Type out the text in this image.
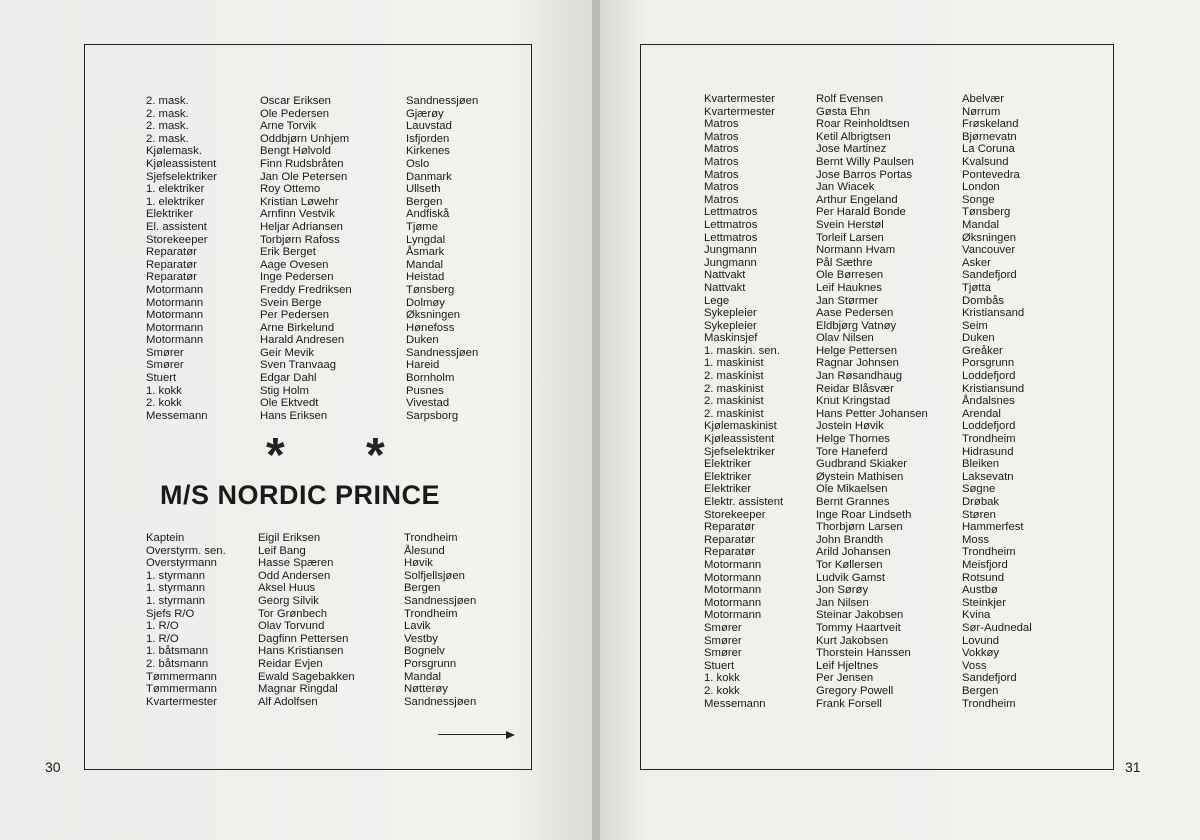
2. mask.
2. mask.
2. mask.
2. mask.
Kjølemask.
Kjøleassistent
Sjefselektriker
1. elektriker
1. elektriker
Elektriker
El. assistent
Storekeeper
Reparatør
Reparatør
Reparatør
Motormann
Motormann
Motormann
Motormann
Motormann
Smører
Smører
Stuert
1. kokk
2. kokk
Messemann
Oscar Eriksen
Ole Pedersen
Arne Torvik
Oddbjørn Unhjem
Bengt Hølvold
Finn Rudsbråten
Jan Ole Petersen
Roy Ottemo
Kristian Løwehr
Arnfinn Vestvik
Heljar Adriansen
Torbjørn Rafoss
Erik Berget
Aage Ovesen
Inge Pedersen
Freddy Fredriksen
Svein Berge
Per Pedersen
Arne Birkelund
Harald Andresen
Geir Mevik
Sven Tranvaag
Edgar Dahl
Stig Holm
Ole Ektvedt
Hans Eriksen
Sandnessjøen
Gjærøy
Lauvstad
Isfjorden
Kirkenes
Oslo
Danmark
Ullseth
Bergen
Andfiskå
Tjøme
Lyngdal
Åsmark
Mandal
Heistad
Tønsberg
Dolmøy
Øksningen
Hønefoss
Duken
Sandnessjøen
Hareid
Bornholm
Pusnes
Vivestad
Sarpsborg
* *
M/S NORDIC PRINCE
Kaptein
Overstyrm. sen.
Overstyrmann
1. styrmann
1. styrmann
1. styrmann
Sjefs R/O
1. R/O
1. R/O
1. båtsmann
2. båtsmann
Tømmermann
Tømmermann
Kvartermester
Eigil Eriksen
Leif Bang
Hasse Spæren
Odd Andersen
Aksel Huus
Georg Silvik
Tor Grønbech
Olav Torvund
Dagfinn Pettersen
Hans Kristiansen
Reidar Evjen
Ewald Sagebakken
Magnar Ringdal
Alf Adolfsen
Trondheim
Ålesund
Høvik
Solfjellsjøen
Bergen
Sandnessjøen
Trondheim
Lavik
Vestby
Bognelv
Porsgrunn
Mandal
Nøtterøy
Sandnessjøen
30
Kvartermester
Kvartermester
Matros
Matros
Matros
Matros
Matros
Matros
Matros
Lettmatros
Lettmatros
Lettmatros
Jungmann
Jungmann
Nattvakt
Nattvakt
Lege
Sykepleier
Sykepleier
Maskinsjef
1. maskin. sen.
1. maskinist
2. maskinist
2. maskinist
2. maskinist
2. maskinist
Kjølemaskinist
Kjøleassistent
Sjefselektriker
Elektriker
Elektriker
Elektriker
Elektr. assistent
Storekeeper
Reparatør
Reparatør
Reparatør
Motormann
Motormann
Motormann
Motormann
Motormann
Smører
Smører
Smører
Stuert
1. kokk
2. kokk
Messemann
Rolf Evensen
Gøsta Ehn
Roar Reinholdtsen
Ketil Albrigtsen
Jose Martinez
Bernt Willy Paulsen
Jose Barros Portas
Jan Wiacek
Arthur Engeland
Per Harald Bonde
Svein Herstøl
Torleif Larsen
Normann Hvam
Pål Sæthre
Ole Børresen
Leif Hauknes
Jan Størmer
Aase Pedersen
Eldbjørg Vatnøy
Olav Nilsen
Helge Pettersen
Ragnar Johnsen
Jan Røsandhaug
Reidar Blåsvær
Knut Kringstad
Hans Petter Johansen
Jostein Høvik
Helge Thornes
Tore Haneferd
Gudbrand Skiaker
Øystein Mathisen
Ole Mikaelsen
Bernt Grannes
Inge Roar Lindseth
Thorbjørn Larsen
John Brandth
Arild Johansen
Tor Køllersen
Ludvik Gamst
Jon Sørøy
Jan Nilsen
Steinar Jakobsen
Tommy Haartveit
Kurt Jakobsen
Thorstein Hanssen
Leif Hjeltnes
Per Jensen
Gregory Powell
Frank Forsell
Abelvær
Nørrum
Frøskeland
Bjørnevatn
La Coruna
Kvalsund
Pontevedra
London
Songe
Tønsberg
Mandal
Øksningen
Vancouver
Asker
Sandefjord
Tjøtta
Dombås
Kristiansand
Seim
Duken
Greåker
Porsgrunn
Loddefjord
Kristiansund
Åndalsnes
Arendal
Loddefjord
Trondheim
Hidrasund
Bleiken
Laksevatn
Søgne
Drøbak
Støren
Hammerfest
Moss
Trondheim
Meisfjord
Rotsund
Austbø
Steinkjer
Kvina
Sør-Audnedal
Lovund
Vokkøy
Voss
Sandefjord
Bergen
Trondheim
31
